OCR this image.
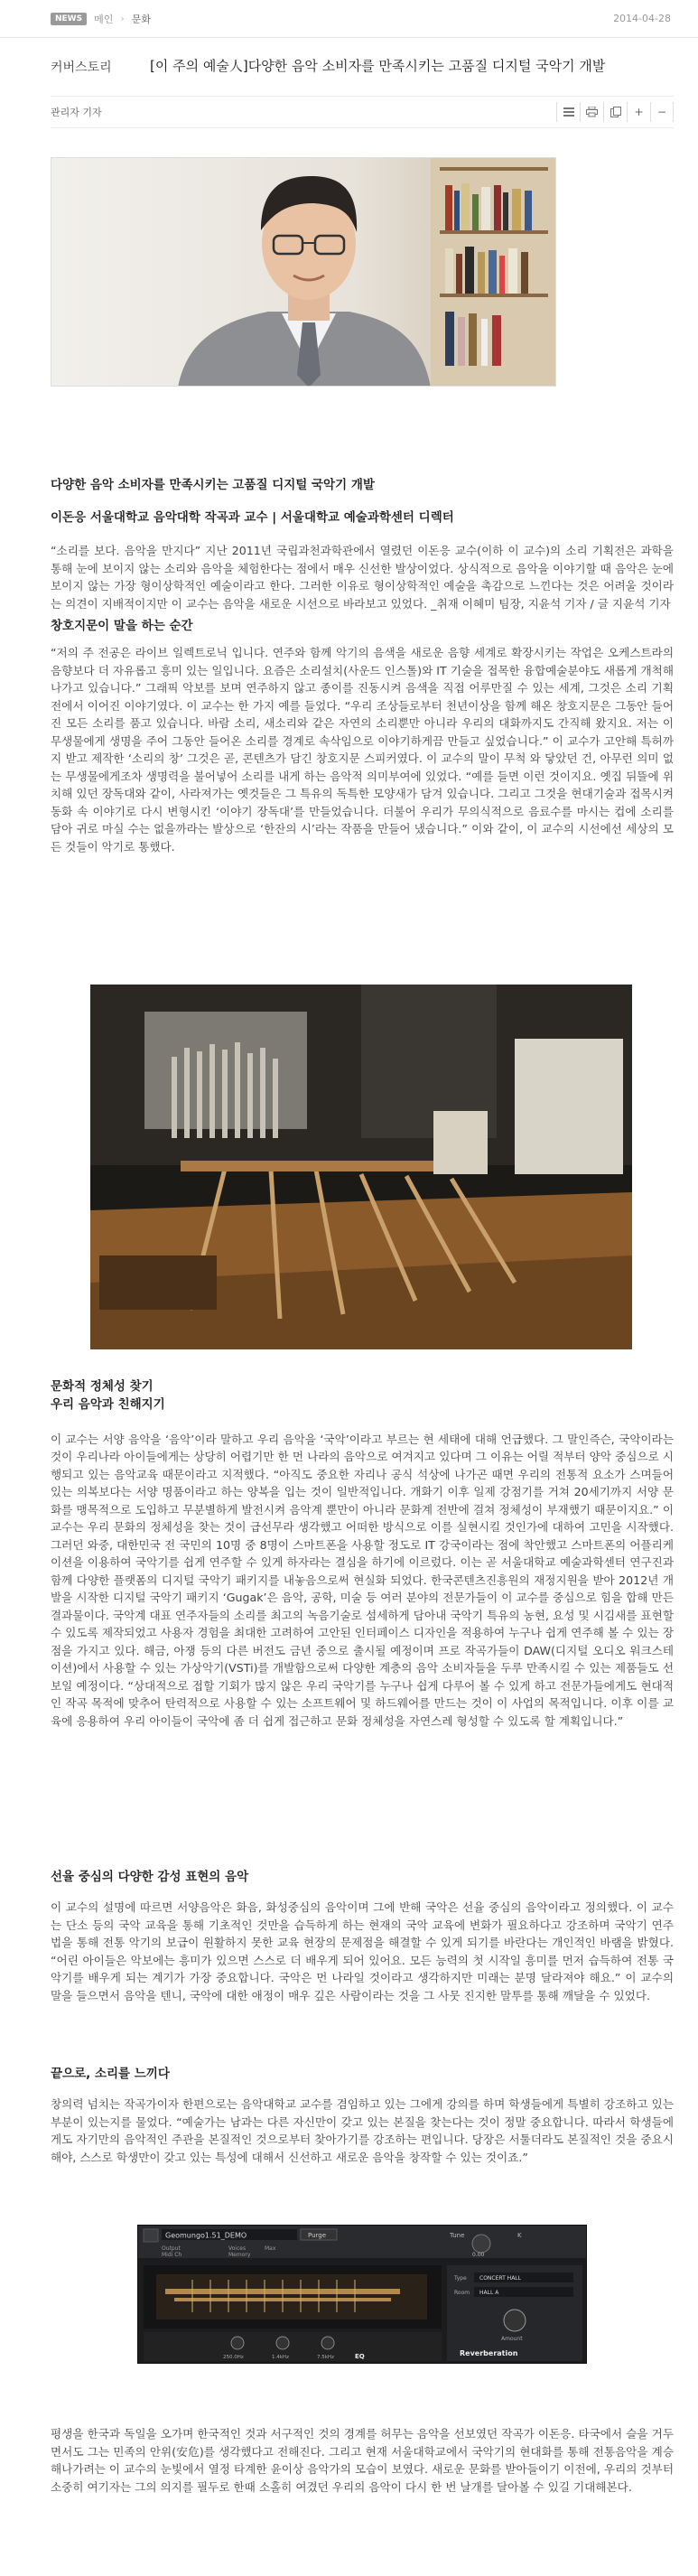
NEWS	메인 › 문화	2014-04-28
커버스토리	[이 주의 예술人]다양한 음악 소비자를 만족시키는 고품질 디지털 국악기 개발
관리자 기자	+	−
다양한 음악 소비자를 만족시키는 고품질 디지털 국악기 개발
이돈응 서울대학교 음악대학 작곡과 교수 | 서울대학교 예술과학센터 디렉터

“소리를 보다. 음악을 만지다” 지난 2011년 국립과천과학관에서 열렸던 이돈응 교수(이하 이 교수)의 소리 기획전은 과학을 통해 눈에 보이지 않는 소리와 음악을 체험한다는 점에서 매우 신선한 발상이었다. 상식적으로 음악을 이야기할 때 음악은 눈에 보이지 않는 가장 형이상학적인 예술이라고 한다. 그러한 이유로 형이상학적인 예술을 촉감으로 느낀다는 것은 어려울 것이라는 의견이 지배적이지만 이 교수는 음악을 새로운 시선으로 바라보고 있었다. _취재 이혜미 팀장, 지윤석 기자 / 글 지윤석 기자

창호지문이 말을 하는 순간

“저의 주 전공은 라이브 일렉트로닉 입니다. 연주와 함께 악기의 음색을 새로운 음향 세계로 확장시키는 작업은 오케스트라의 음향보다 더 자유롭고 흥미 있는 일입니다. 요즘은 소리설치(사운드 인스톨)와 IT 기술을 접목한 융합예술분야도 새롭게 개척해나가고 있습니다.” 그래픽 악보를 보며 연주하지 않고 종이를 진동시켜 음색을 직접 어루만질 수 있는 세계, 그것은 소리 기획전에서 이어진 이야기였다. 이 교수는 한 가지 예를 들었다. “우리 조상들로부터 천년이상을 함께 해온 창호지문은 그동안 들어진 모든 소리를 품고 있습니다. 바람 소리, 새소리와 같은 자연의 소리뿐만 아니라 우리의 대화까지도 간직해 왔지요. 저는 이 무생물에게 생명을 주어 그동안 들어온 소리를 경계로 속삭임으로 이야기하게끔 만들고 싶었습니다.” 이 교수가 고안해 특허까지 받고 제작한 ‘소리의 창’ 그것은 곧, 콘텐츠가 담긴 창호지문 스피커였다. 이 교수의 말이 무척 와 닿았던 건, 아무런 의미 없는 무생물에게조차 생명력을 불어넣어 소리를 내게 하는 음악적 의미부여에 있었다. “예를 들면 이런 것이지요. 옛집 뒤뜰에 위치해 있던 장독대와 같이, 사라져가는 옛것들은 그 특유의 독특한 모양새가 담겨 있습니다. 그리고 그것을 현대기술과 접목시켜 동화 속 이야기로 다시 변형시킨 ‘이야기 장독대’를 만들었습니다. 더불어 우리가 무의식적으로 음료수를 마시는 컵에 소리를 담아 귀로 마실 수는 없을까라는 발상으로 ‘한잔의 시’라는 작품을 만들어 냈습니다.” 이와 같이, 이 교수의 시선에선 세상의 모든 것들이 악기로 통했다.

문화적 정체성 찾기
우리 음악과 친해지기

이 교수는 서양 음악을 ‘음악’이라 말하고 우리 음악을 ‘국악’이라고 부르는 현 세태에 대해 언급했다. 그 말인즉슨, 국악이라는 것이 우리나라 아이들에게는 상당히 어렵기만 한 먼 나라의 음악으로 여겨지고 있다며 그 이유는 어릴 적부터 양악 중심으로 시행되고 있는 음악교육 때문이라고 지적했다. “아직도 중요한 자리나 공식 석상에 나가곤 때면 우리의 전통적 요소가 스며들어있는 의복보다는 서양 명품이라고 하는 양복을 입는 것이 일반적입니다. 개화기 이후 일제 강점기를 거쳐 20세기까지 서양 문화를 맹목적으로 도입하고 무분별하게 발전시켜 음악계 뿐만이 아니라 문화계 전반에 걸쳐 정체성이 부재했기 때문이지요.” 이 교수는 우리 문화의 정체성을 찾는 것이 급선무라 생각했고 어떠한 방식으로 이를 실현시킬 것인가에 대하여 고민을 시작했다. 그러던 와중, 대한민국 전 국민의 10명 중 8명이 스마트폰을 사용할 정도로 IT 강국이라는 점에 착안했고 스마트폰의 어플리케이션을 이용하여 국악기를 쉽게 연주할 수 있게 하자라는 결심을 하기에 이르렀다. 이는 곧 서울대학교 예술과학센터 연구진과 함께 다양한 플랫폼의 디지털 국악기 패키지를 내놓음으로써 현실화 되었다. 한국콘텐츠진흥원의 재정지원을 받아 2012년 개발을 시작한 디지털 국악기 패키지 ‘Gugak’은 음악, 공학, 미술 등 여러 분야의 전문가들이 이 교수를 중심으로 힘을 합해 만든 결과물이다. 국악계 대표 연주자들의 소리를 최고의 녹음기술로 섬세하게 담아내 국악기 특유의 농현, 요성 및 시김새를 표현할 수 있도록 제작되었고 사용자 경험을 최대한 고려하여 고안된 인터페이스 디자인을 적용하여 누구나 쉽게 연주해 볼 수 있는 장점을 가지고 있다. 해금, 아쟁 등의 다른 버전도 금년 중으로 출시될 예정이며 프로 작곡가들이 DAW(디지털 오디오 워크스테이션)에서 사용할 수 있는 가상악기(VSTi)를 개발함으로써 다양한 계층의 음악 소비자들을 두루 만족시킬 수 있는 제품들도 선보일 예정이다. “상대적으로 접할 기회가 많지 않은 우리 국악기를 누구나 쉽게 다루어 볼 수 있게 하고 전문가들에게도 현대적인 작곡 목적에 맞추어 탄력적으로 사용할 수 있는 소프트웨어 및 하드웨어를 만드는 것이 이 사업의 목적입니다. 이후 이를 교육에 응용하여 우리 아이들이 국악에 좀 더 쉽게 접근하고 문화 정체성을 자연스레 형성할 수 있도록 할 계획입니다.”

선율 중심의 다양한 감성 표현의 음악

이 교수의 설명에 따르면 서양음악은 화음, 화성중심의 음악이며 그에 반해 국악은 선율 중심의 음악이라고 정의했다. 이 교수는 단소 등의 국악 교육을 통해 기초적인 것만을 습득하게 하는 현재의 국악 교육에 변화가 필요하다고 강조하며 국악기 연주 법을 통해 전통 악기의 보급이 원활하지 못한 교육 현장의 문제점을 해결할 수 있게 되기를 바란다는 개인적인 바램을 밝혔다. “어린 아이들은 악보에는 흥미가 있으면 스스로 더 배우게 되어 있어요. 모든 능력의 첫 시작일 흥미를 먼저 습득하여 전통 국악기를 배우게 되는 계기가 가장 중요합니다. 국악은 먼 나라일 것이라고 생각하지만 미래는 분명 달라져야 해요.” 이 교수의 말을 들으면서 음악을 텐니, 국악에 대한 애정이 매우 깊은 사람이라는 것을 그 사뭇 진지한 말투를 통해 깨달을 수 있었다.

끝으로, 소리를 느끼다

창의력 넘치는 작곡가이자 한편으로는 음악대학교 교수를 겸임하고 있는 그에게 강의를 하며 학생들에게 특별히 강조하고 있는 부분이 있는지를 물었다. “예술가는 남과는 다른 자신만이 갖고 있는 본질을 찾는다는 것이 정말 중요합니다. 따라서 학생들에게도 자기만의 음악적인 주관을 본질적인 것으로부터 찾아가기를 강조하는 편입니다. 당장은 서툴더라도 본질적인 것을 중요시해야, 스스로 학생만이 갖고 있는 특성에 대해서 신선하고 새로운 음악을 창작할 수 있는 것이죠.”

Geomungo1.51_DEMO
Output
Midi Ch
Voices	Max
Memory
Purge	Tune
0.00
K
250.0Hz	1.4kHz	7.5kHz	EQ
Type CONCERT HALL
Room HALL A
Amount
Reverberation

평생을 한국과 독일을 오가며 한국적인 것과 서구적인 것의 경계를 허무는 음악을 선보였던 작곡가 이돈응. 타국에서 슬을 거두면서도 그는 민족의 안위(安危)를 생각했다고 전해진다. 그리고 현재 서울대학교에서 국악기의 현대화를 통해 전통음악을 계승해나가려는 이 교수의 눈빛에서 열정 타계한 윤이상 음악가의 모습이 보였다. 새로운 문화를 받아들이기 이전에, 우리의 것부터 소중히 여기자는 그의 의지를 필두로 한때 소홀히 여겼던 우리의 음악이 다시 한 번 날개를 달아볼 수 있길 기대해본다.
